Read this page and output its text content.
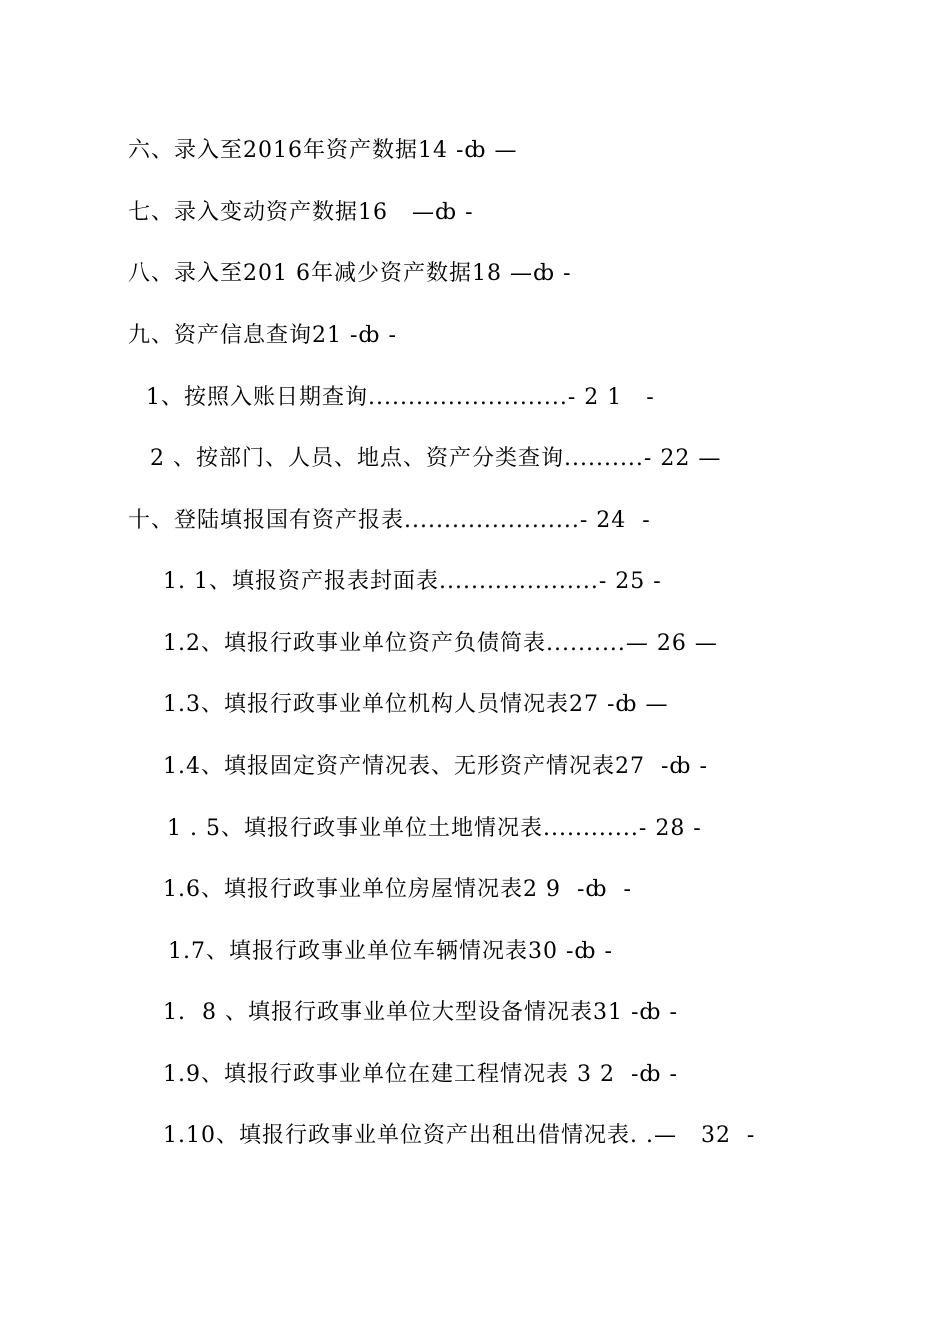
六、录入至2016年资产数据14 -ȸ —
七、录入变动资产数据16   —ȸ -
八、录入至201 6年减少资产数据18 —ȸ -
九、资产信息查询21 -ȸ -
1、按照入账日期查询.........................- 2 1   -
2 、按部门、人员、地点、资产分类查询..........- 22 —
十、登陆填报国有资产报表......................- 24  -
1. 1、填报资产报表封面表....................- 25 -
1.2、填报行政事业单位资产负债简表..........— 26 —
1.3、填报行政事业单位机构人员情况表27 -ȸ —
1.4、填报固定资产情况表、无形资产情况表27  -ȸ -
1 . 5、填报行政事业单位土地情况表............- 28 -
1.6、填报行政事业单位房屋情况表2 9  -ȸ  -
1.7、填报行政事业单位车辆情况表30 -ȸ -
1.  8 、填报行政事业单位大型设备情况表31 -ȸ -
1.9、填报行政事业单位在建工程情况表 3 2  -ȸ -
1.10、填报行政事业单位资产出租出借情况表. .—   32  -
